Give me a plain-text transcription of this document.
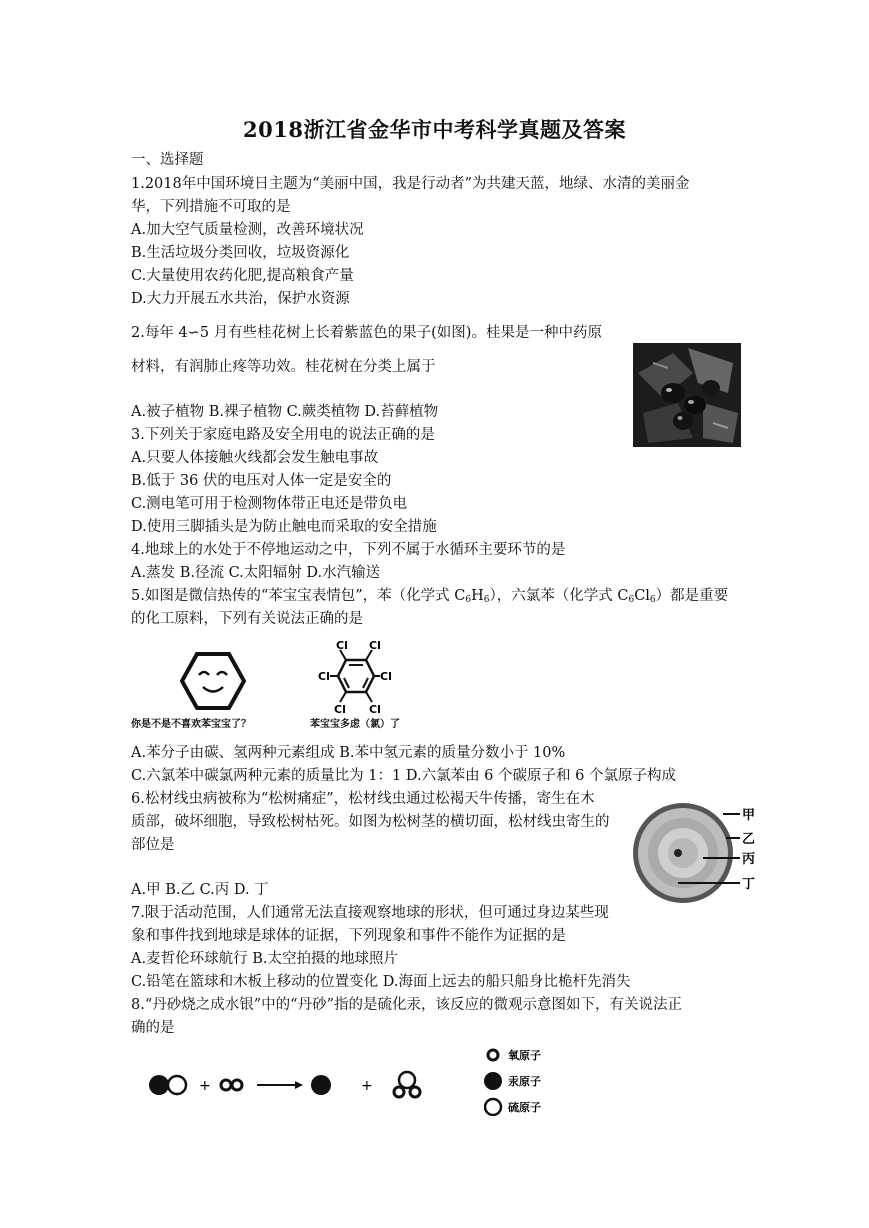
2018浙江省金华市中考科学真题及答案
一、选择题
1.2018年中国环境日主题为“美丽中国，我是行动者”为共建天蓝，地绿、水清的美丽金
华，下列措施不可取的是
A.加大空气质量检测，改善环境状况
B.生活垃圾分类回收，垃圾资源化
C.大量使用农药化肥,提高粮食产量
D.大力开展五水共治，保护水资源
2.每年 4∽5 月有些桂花树上长着紫蓝色的果子(如图)。桂果是一种中药原
材料，有润肺止疼等功效。桂花树在分类上属于
A.被子植物 B.裸子植物 C.蕨类植物 D.苔藓植物
3.下列关于家庭电路及安全用电的说法正确的是
A.只要人体接触火线都会发生触电事故
B.低于 36 伏的电压对人体一定是安全的
C.测电笔可用于检测物体带正电还是带负电
D.使用三脚插头是为防止触电而采取的安全措施
4.地球上的水处于不停地运动之中，下列不属于水循环主要环节的是
A.蒸发 B.径流 C.太阳辐射 D.水汽输送
5.如图是微信热传的“苯宝宝表情包”，苯（化学式 $C_6H_6$），六氯苯（化学式 $C_6Cl_6$）都是重要
的化工原料，下列有关说法正确的是
你是不是不喜欢苯宝宝了？
Cl Cl
Cl	Cl
Cl Cl
苯宝宝多虑（氯）了
A.苯分子由碳、氢两种元素组成 B.苯中氢元素的质量分数小于 10%
C.六氯苯中碳氯两种元素的质量比为 1：1 D.六氯苯由 6 个碳原子和 6 个氯原子构成
6.松材线虫病被称为“松树痛症”，松材线虫通过松褐天牛传播，寄生在木
质部，破坏细胞，导致松树枯死。如图为松树茎的横切面，松材线虫寄生的
部位是
A.甲 B.乙 C.丙 D. 丁
甲
乙
丙
丁
7.限于活动范围，人们通常无法直接观察地球的形状，但可通过身边某些现
象和事件找到地球是球体的证据，下列现象和事件不能作为证据的是
A.麦哲伦环球航行 B.太空拍摄的地球照片
C.铅笔在篮球和木板上移动的位置变化 D.海面上远去的船只船身比桅杆先消失
8.“丹砂烧之成水银”中的“丹砂”指的是硫化汞，该反应的微观示意图如下，有关说法正
确的是
+	+
氧原子
汞原子
硫原子
